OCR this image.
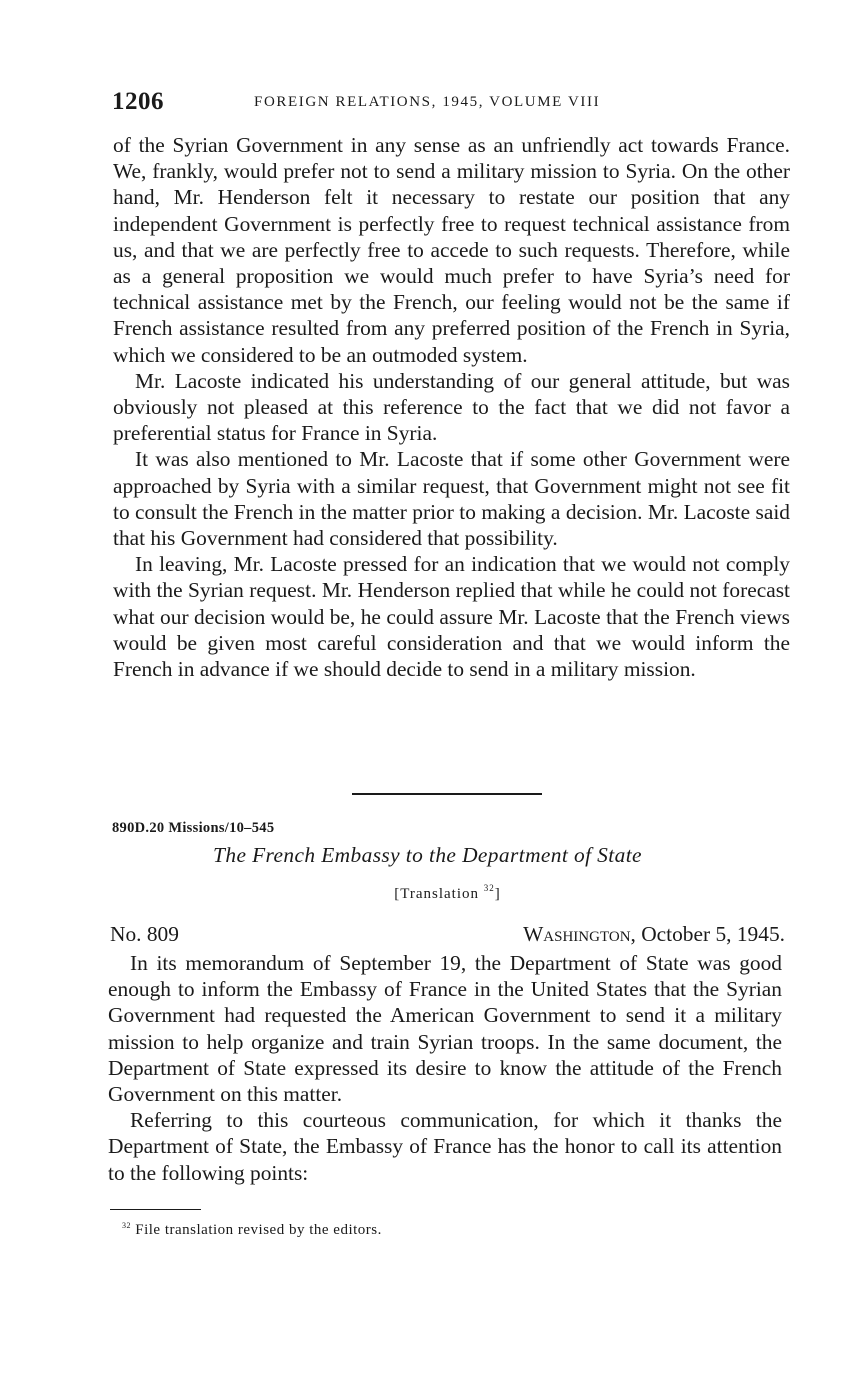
1206	FOREIGN RELATIONS, 1945, VOLUME VIII

of the Syrian Government in any sense as an unfriendly act towards France. We, frankly, would prefer not to send a military mission to Syria. On the other hand, Mr. Henderson felt it necessary to restate our position that any independent Government is perfectly free to request technical assistance from us, and that we are perfectly free to accede to such requests. Therefore, while as a general proposition we would much prefer to have Syria’s need for technical assistance met by the French, our feeling would not be the same if French assistance resulted from any preferred position of the French in Syria, which we considered to be an outmoded system.

Mr. Lacoste indicated his understanding of our general attitude, but was obviously not pleased at this reference to the fact that we did not favor a preferential status for France in Syria.

It was also mentioned to Mr. Lacoste that if some other Government were approached by Syria with a similar request, that Government might not see fit to consult the French in the matter prior to making a decision. Mr. Lacoste said that his Government had considered that possibility.

In leaving, Mr. Lacoste pressed for an indication that we would not comply with the Syrian request. Mr. Henderson replied that while he could not forecast what our decision would be, he could assure Mr. Lacoste that the French views would be given most careful consideration and that we would inform the French in advance if we should decide to send in a military mission.

890D.20 Missions/10–545
The French Embassy to the Department of State
[Translation $^{32}$]
No. 809	Washington, October 5, 1945.

In its memorandum of September 19, the Department of State was good enough to inform the Embassy of France in the United States that the Syrian Government had requested the American Government to send it a military mission to help organize and train Syrian troops. In the same document, the Department of State expressed its desire to know the attitude of the French Government on this matter.

Referring to this courteous communication, for which it thanks the Department of State, the Embassy of France has the honor to call its attention to the following points:

$^{32}$ File translation revised by the editors.
